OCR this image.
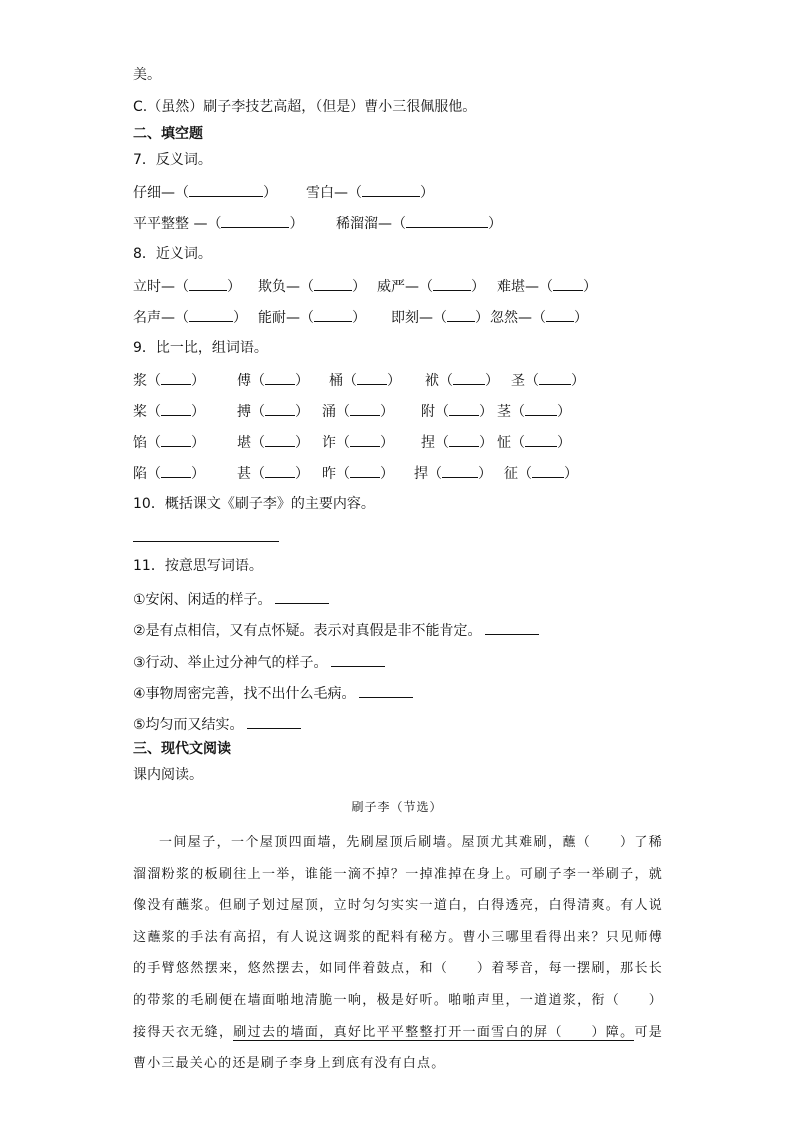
美。
C.（虽然）刷子李技艺高超，（但是）曹小三很佩服他。
二、填空题
7．反义词。
仔细—（	） 雪白—（	）
平平整整 —（	） 稀溜溜—（	）
8．近义词。
立时—（	） 欺负—（	） 威严—（	） 难堪—（ ）
名声—（	） 能耐—（	） 即刻—（ ） 忽然—（ ）
9．比一比，组词语。
浆（ ） 傅（ ） 桶（ ） 袱（ ） 圣（ ）
桨（ ） 搏（ ） 涌（ ） 附（ ） 茎（ ）
馅（ ） 堪（ ） 诈（ ） 捏（ ） 怔（ ）
陷（ ） 甚（ ） 昨（ ） 捍（	） 征（ ）
10．概括课文《刷子李》的主要内容。
11．按意思写词语。
①安闲、闲适的样子。
②是有点相信，又有点怀疑。表示对真假是非不能肯定。
③行动、举止过分神气的样子。
④事物周密完善，找不出什么毛病。
⑤均匀而又结实。
三、现代文阅读
课内阅读。
刷子李（节选）
一间屋子，一个屋顶四面墙，先刷屋顶后刷墙。屋顶尤其难刷，蘸（　　）了稀溜溜粉浆的板刷往上一举，谁能一滴不掉？一掉准掉在身上。可刷子李一举刷子，就像没有蘸浆。但刷子划过屋顶，立时匀匀实实一道白，白得透亮，白得清爽。有人说这蘸浆的手法有高招，有人说这调浆的配料有秘方。曹小三哪里看得出来？只见师傅的手臂悠然摆来，悠然摆去，如同伴着鼓点，和（　　）着琴音，每一摆刷，那长长的带浆的毛刷便在墙面啪地清脆一响，极是好听。啪啪声里，一道道浆，衔（　　）接得天衣无缝，刷过去的墙面，真好比平平整整打开一面雪白的屏（　　）障。可是曹小三最关心的还是刷子李身上到底有没有白点。
